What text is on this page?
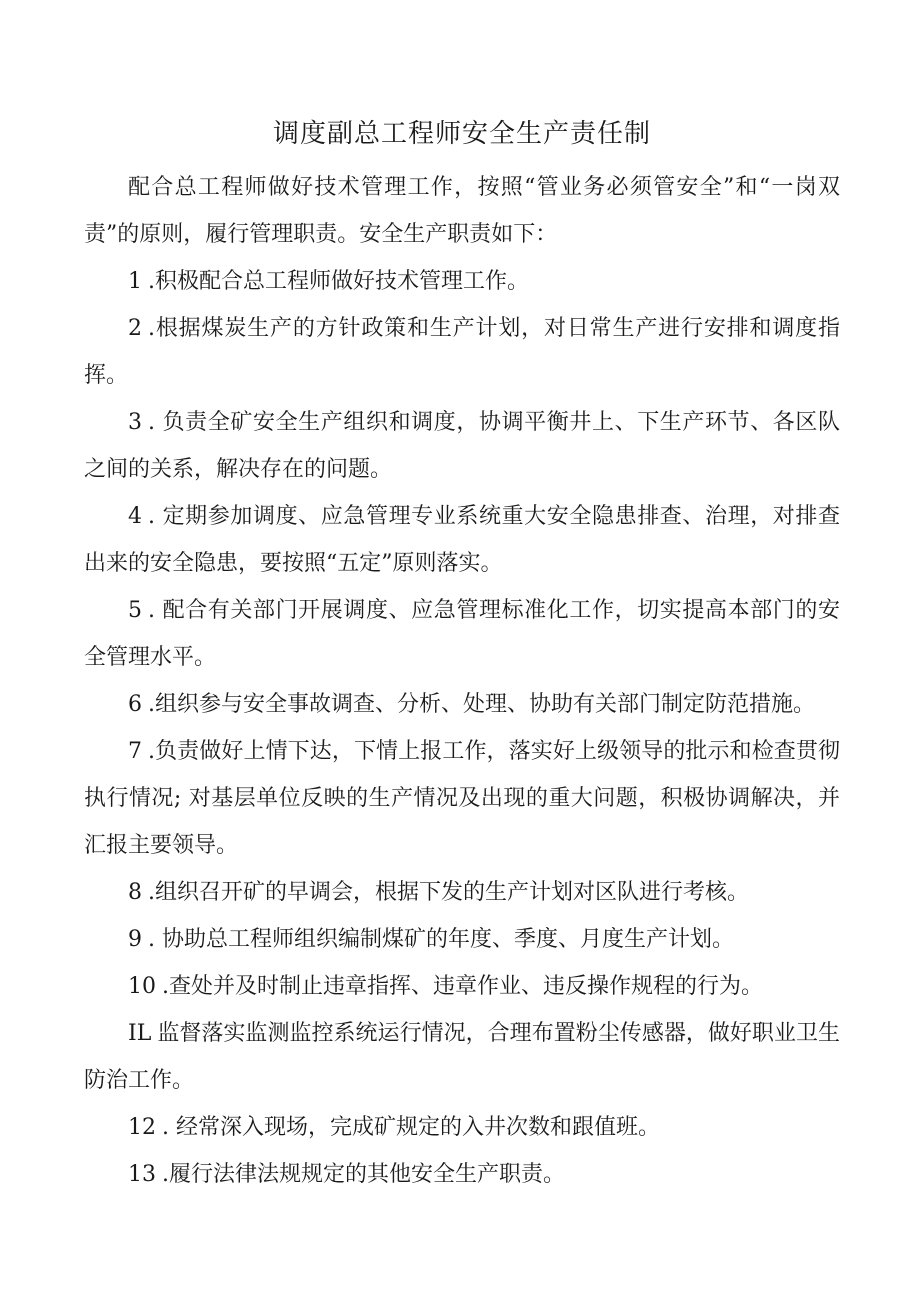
调度副总工程师安全生产责任制

配合总工程师做好技术管理工作，按照“管业务必须管安全”和“一岗双责”的原则，履行管理职责。安全生产职责如下：

1 .积极配合总工程师做好技术管理工作。

2 .根据煤炭生产的方针政策和生产计划，对日常生产进行安排和调度指挥。

3 . 负责全矿安全生产组织和调度，协调平衡井上、下生产环节、各区队之间的关系，解决存在的问题。

4 . 定期参加调度、应急管理专业系统重大安全隐患排查、治理，对排查出来的安全隐患，要按照“五定”原则落实。

5 . 配合有关部门开展调度、应急管理标准化工作，切实提高本部门的安全管理水平。

6 .组织参与安全事故调查、分析、处理、协助有关部门制定防范措施。

7 .负责做好上情下达，下情上报工作，落实好上级领导的批示和检查贯彻执行情况; 对基层单位反映的生产情况及出现的重大问题，积极协调解决，并汇报主要领导。

8 .组织召开矿的早调会，根据下发的生产计划对区队进行考核。

9 . 协助总工程师组织编制煤矿的年度、季度、月度生产计划。

10 .查处并及时制止违章指挥、违章作业、违反操作规程的行为。

IL 监督落实监测监控系统运行情况，合理布置粉尘传感器，做好职业卫生防治工作。

12 . 经常深入现场，完成矿规定的入井次数和跟值班。

13 .履行法律法规规定的其他安全生产职责。
